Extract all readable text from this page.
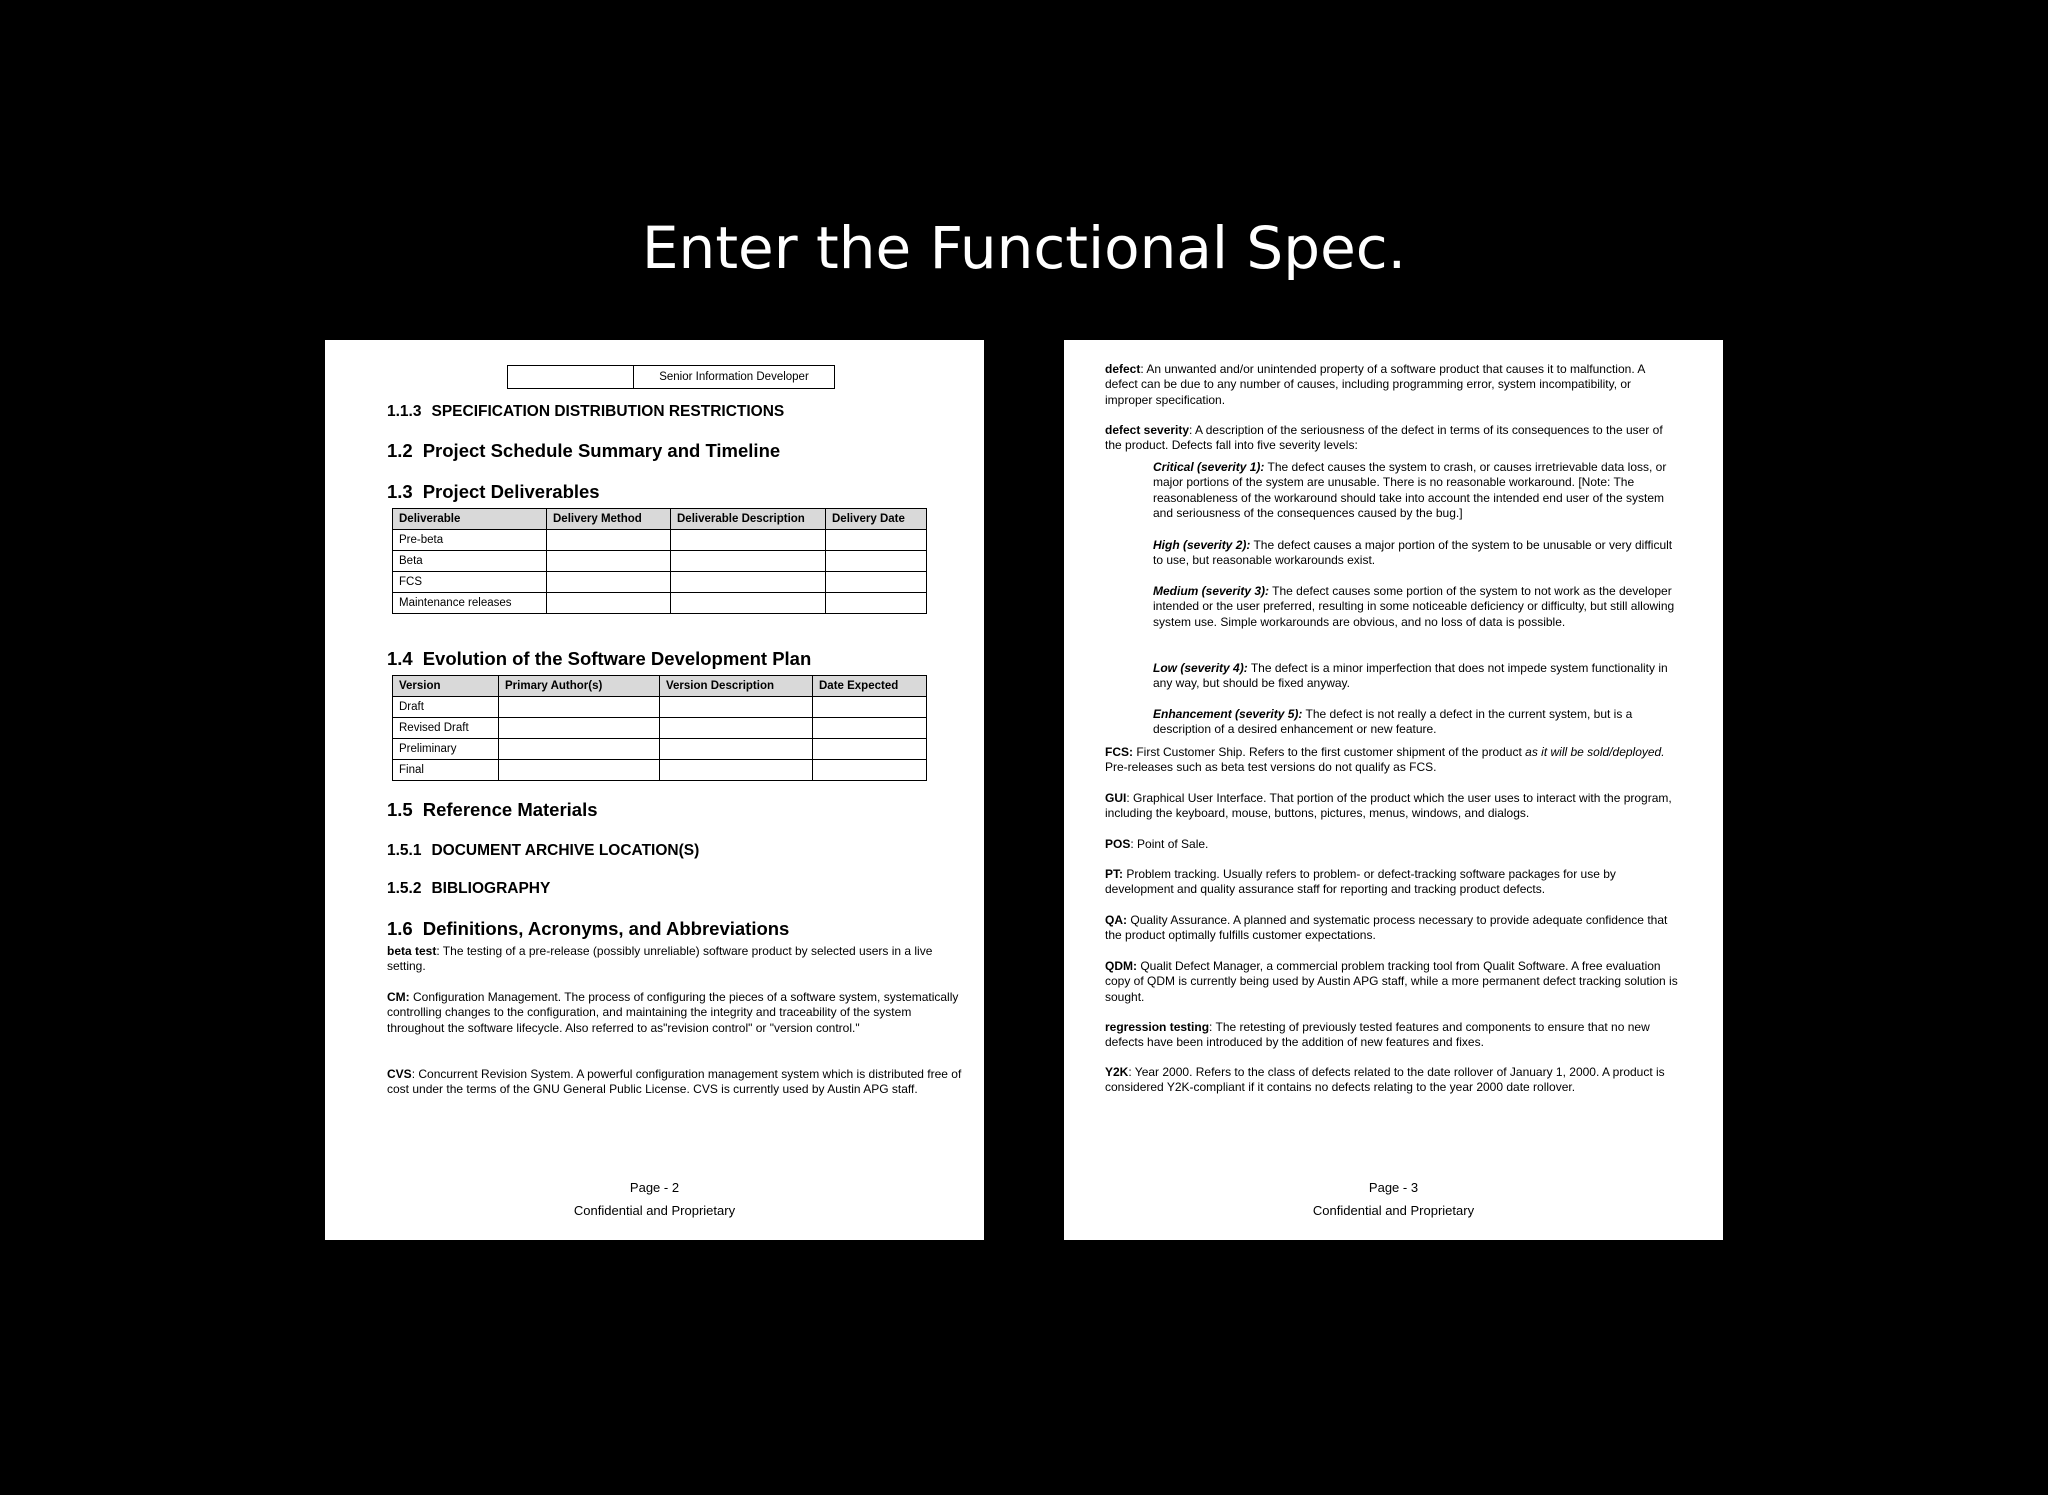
Enter the Functional Spec.
Senior Information Developer
1.1.3 SPECIFICATION DISTRIBUTION RESTRICTIONS
1.2 Project Schedule Summary and Timeline
1.3 Project Deliverables
Deliverable	Delivery Method	Deliverable Description	Delivery Date
Pre-beta			
Beta			
FCS			
Maintenance releases			
1.4 Evolution of the Software Development Plan
Version	Primary Author(s)	Version Description	Date Expected
Draft			
Revised Draft			
Preliminary			
Final			
1.5 Reference Materials
1.5.1 DOCUMENT ARCHIVE LOCATION(S)
1.5.2 BIBLIOGRAPHY
1.6 Definitions, Acronyms, and Abbreviations
beta test: The testing of a pre-release (possibly unreliable) software product by selected users in a live setting.
CM: Configuration Management. The process of configuring the pieces of a software system, systematically controlling changes to the configuration, and maintaining the integrity and traceability of the system throughout the software lifecycle. Also referred to as"revision control" or "version control."
CVS: Concurrent Revision System. A powerful configuration management system which is distributed free of cost under the terms of the GNU General Public License. CVS is currently used by Austin APG staff.
Page - 2
Confidential and Proprietary
defect: An unwanted and/or unintended property of a software product that causes it to malfunction. A defect can be due to any number of causes, including programming error, system incompatibility, or improper specification.
defect severity: A description of the seriousness of the defect in terms of its consequences to the user of the product. Defects fall into five severity levels:
Critical (severity 1): The defect causes the system to crash, or causes irretrievable data loss, or major portions of the system are unusable. There is no reasonable workaround. [Note: The reasonableness of the workaround should take into account the intended end user of the system and seriousness of the consequences caused by the bug.]
High (severity 2): The defect causes a major portion of the system to be unusable or very difficult to use, but reasonable workarounds exist.
Medium (severity 3): The defect causes some portion of the system to not work as the developer intended or the user preferred, resulting in some noticeable deficiency or difficulty, but still allowing system use. Simple workarounds are obvious, and no loss of data is possible.
Low (severity 4): The defect is a minor imperfection that does not impede system functionality in any way, but should be fixed anyway.
Enhancement (severity 5): The defect is not really a defect in the current system, but is a description of a desired enhancement or new feature.
FCS: First Customer Ship. Refers to the first customer shipment of the product as it will be sold/deployed. Pre-releases such as beta test versions do not qualify as FCS.
GUI: Graphical User Interface. That portion of the product which the user uses to interact with the program, including the keyboard, mouse, buttons, pictures, menus, windows, and dialogs.
POS: Point of Sale.
PT: Problem tracking. Usually refers to problem- or defect-tracking software packages for use by development and quality assurance staff for reporting and tracking product defects.
QA: Quality Assurance. A planned and systematic process necessary to provide adequate confidence that the product optimally fulfills customer expectations.
QDM: Qualit Defect Manager, a commercial problem tracking tool from Qualit Software. A free evaluation copy of QDM is currently being used by Austin APG staff, while a more permanent defect tracking solution is sought.
regression testing: The retesting of previously tested features and components to ensure that no new defects have been introduced by the addition of new features and fixes.
Y2K: Year 2000. Refers to the class of defects related to the date rollover of January 1, 2000. A product is considered Y2K-compliant if it contains no defects relating to the year 2000 date rollover.
Page - 3
Confidential and Proprietary
